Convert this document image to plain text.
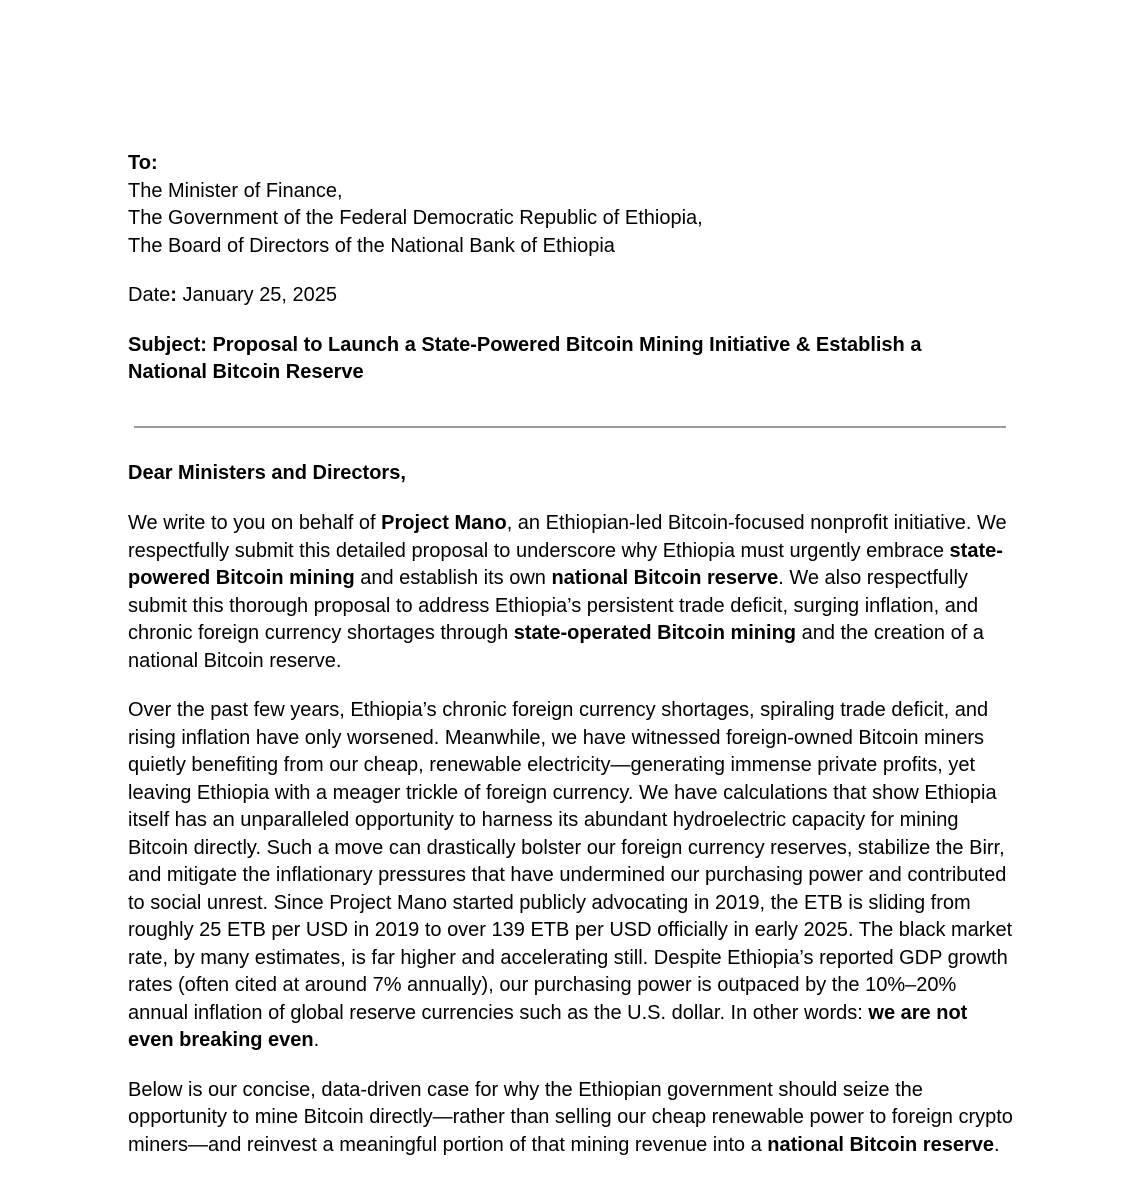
To:
The Minister of Finance,
The Government of the Federal Democratic Republic of Ethiopia,
The Board of Directors of the National Bank of Ethiopia
Date: January 25, 2025
Subject: Proposal to Launch a State-Powered Bitcoin Mining Initiative & Establish a
National Bitcoin Reserve
Dear Ministers and Directors,

We write to you on behalf of Project Mano, an Ethiopian-led Bitcoin-focused nonprofit initiative. We respectfully submit this detailed proposal to underscore why Ethiopia must urgently embrace state-powered Bitcoin mining and establish its own national Bitcoin reserve. We also respectfully submit this thorough proposal to address Ethiopia’s persistent trade deficit, surging inflation, and chronic foreign currency shortages through state-operated Bitcoin mining and the creation of a national Bitcoin reserve.

Over the past few years, Ethiopia’s chronic foreign currency shortages, spiraling trade deficit, and rising inflation have only worsened. Meanwhile, we have witnessed foreign-owned Bitcoin miners quietly benefiting from our cheap, renewable electricity—generating immense private profits, yet leaving Ethiopia with a meager trickle of foreign currency. We have calculations that show Ethiopia itself has an unparalleled opportunity to harness its abundant hydroelectric capacity for mining Bitcoin directly. Such a move can drastically bolster our foreign currency reserves, stabilize the Birr, and mitigate the inflationary pressures that have undermined our purchasing power and contributed to social unrest. Since Project Mano started publicly advocating in 2019, the ETB is sliding from roughly 25 ETB per USD in 2019 to over 139 ETB per USD officially in early 2025. The black market rate, by many estimates, is far higher and accelerating still. Despite Ethiopia’s reported GDP growth rates (often cited at around 7% annually), our purchasing power is outpaced by the 10%–20% annual inflation of global reserve currencies such as the U.S. dollar. In other words: we are not even breaking even.

Below is our concise, data-driven case for why the Ethiopian government should seize the opportunity to mine Bitcoin directly—rather than selling our cheap renewable power to foreign crypto miners—and reinvest a meaningful portion of that mining revenue into a national Bitcoin reserve.
